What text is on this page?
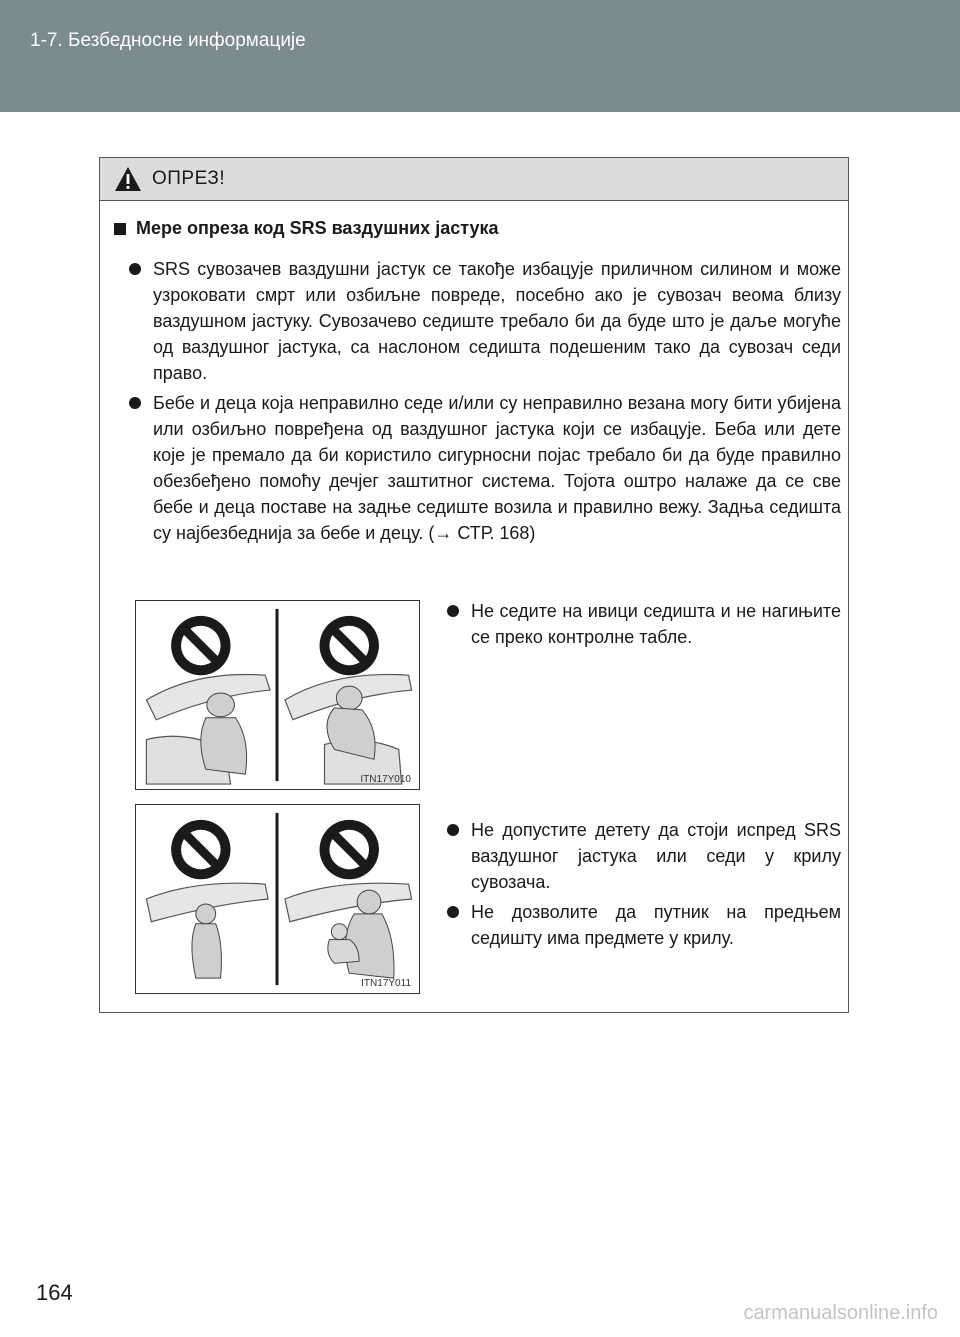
1-7. Безбедносне информације
ОПРЕЗ!
Мере опреза код SRS ваздушних јастука
SRS сувозачев ваздушни јастук се такође избацује приличном силином и може узроковати смрт или озбиљне повреде, посебно ако је сувозач веома близу ваздушном јастуку. Сувозачево седиште требало би да буде што је даље могуће од ваздушног јастука, са наслоном седишта подешеним тако да сувозач седи право.
Бебе и деца која неправилно седе и/или су неправилно везана могу бити убијена или озбиљно повређена од ваздушног јастука који се избацује. Беба или дете које је премало да би користило сигурносни појас требало би да буде правилно обезбеђено помоћу дечјег заштитног система. Тојота оштро налаже да се све бебе и деца поставе на задње седиште возила и правилно вежу. Задња седишта су најбезбеднија за бебе и децу. (→ СТР. 168)
ITN17Y010
Не седите на ивици седишта и не нагињите се преко контролне табле.
ITN17Y011
Не допустите детету да стоји испред SRS ваздушног јастука или седи у крилу сувозача.
Не дозволите да путник на предњем седишту има предмете у крилу.
164
carmanualsonline.info
